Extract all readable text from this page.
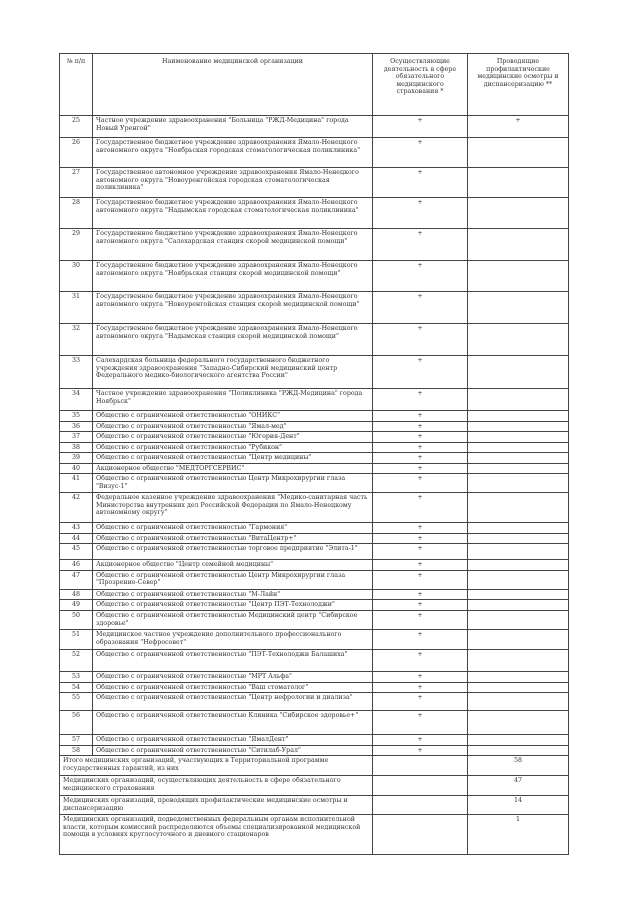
№ п/п	Наименование медицинской организации	Осуществляющие деятельность в сфере обязательного медицинского страхования *	Проводящие профилактические медицинские осмотры и диспансеризацию **
25	Частное учреждение здравоохранения "Больница "РЖД-Медицина" города Новый Уренгой"	+	+
26	Государственное бюджетное учреждение здравоохранения Ямало-Ненецкого автономного округа "Ноябрьская городская стоматологическая поликлиника"	+	
27	Государственное автономное учреждение здравоохранения Ямало-Ненецкого автономного округа "Новоуренгойская городская стоматологическая поликлиника"	+	
28	Государственное бюджетное учреждение здравоохранения Ямало-Ненецкого автономного округа "Надымская городская стоматологическая поликлиника"	+	
29	Государственное бюджетное учреждение здравоохранения Ямало-Ненецкого автономного округа "Салехардская станция скорой медицинской помощи"	+	
30	Государственное бюджетное учреждение здравоохранения Ямало-Ненецкого автономного округа "Ноябрьская станция скорой медицинской помощи"	+	
31	Государственное бюджетное учреждение здравоохранения Ямало-Ненецкого автономного округа "Новоуренгойская станция скорой медицинской помощи"	+	
32	Государственное бюджетное учреждение здравоохранения Ямало-Ненецкого автономного округа "Надымская станция скорой медицинской помощи"	+	
33	Салехардская больница федерального государственного бюджетного учреждения здравоохранения "Западно-Сибирский медицинский центр Федерального медико-биологического агентства России"	+	
34	Частное учреждение здравоохранения "Поликлиника "РЖД-Медицина" города Ноябрьск"	+	
35	Общество с ограниченной ответственностью "ОНИКС"	+	
36	Общество с ограниченной ответственностью "Ямал-мед"	+	
37	Общество с ограниченной ответственностью "Югория-Дент"	+	
38	Общество с ограниченной ответственностью "Рубикон"	+	
39	Общество с ограниченной ответственностью "Центр медицины"	+	
40	Акционерное общество "МЕДТОРГСЕРВИС"	+	
41	Общество с ограниченной ответственностью Центр Микрохирургии глаза "Визус-1"	+	
42	Федеральное казенное учреждение здравоохранения "Медико-санитарная часть Министерства внутренних дел Российской Федерации по Ямало-Ненецкому автономному округу"	+	
43	Общество с ограниченной ответственностью "Гармония"	+	
44	Общество с ограниченной ответственностью "ВитаЦентр+"	+	
45	Общество с ограниченной ответственностью торговое предприятие "Элита-1"	+	
46	Акционерное общество "Центр семейной медицины"	+	
47	Общество с ограниченной ответственностью Центр Микрохирургии глаза "Прозрение-Север"	+	
48	Общество с ограниченной ответственностью "М-Лайн"	+	
49	Общество с ограниченной ответственностью "Центр ПЭТ-Технолоджи"	+	
50	Общество с ограниченной ответственностью Медицинский центр "Сибирское здоровье"	+	
51	Медицинское частное учреждение дополнительного профессионального образования "Нефросовет"	+	
52	Общество с ограниченной ответственностью "ПЭТ-Технолоджи Балашиха"	+	
53	Общество с ограниченной ответственностью "МРТ Альфа"	+	
54	Общество с ограниченной ответственностью "Ваш стоматолог"	+	
55	Общество с ограниченной ответственностью "Центр нефрологии и диализа"	+	
56	Общество с ограниченной ответственностью Клиника "Сибирское здоровье+"	+	
57	Общество с ограниченной ответственностью "ЯмалДент"	+	
58	Общество с ограниченной ответственностью "Ситилаб-Урал"	+	
Итого медицинских организаций, участвующих в Территориальной программе государственных гарантий, из них			58
Медицинских организаций, осуществляющих деятельность в сфере обязательного медицинского страхования			47
Медицинских организаций, проводящих профилактические медицинские осмотры и диспансеризацию			14
Медицинских организаций, подведомственных федеральным органам исполнительной власти, которым комиссией распределяются объемы специализированной медицинской помощи в условиях круглосуточного и дневного стационаров			1
